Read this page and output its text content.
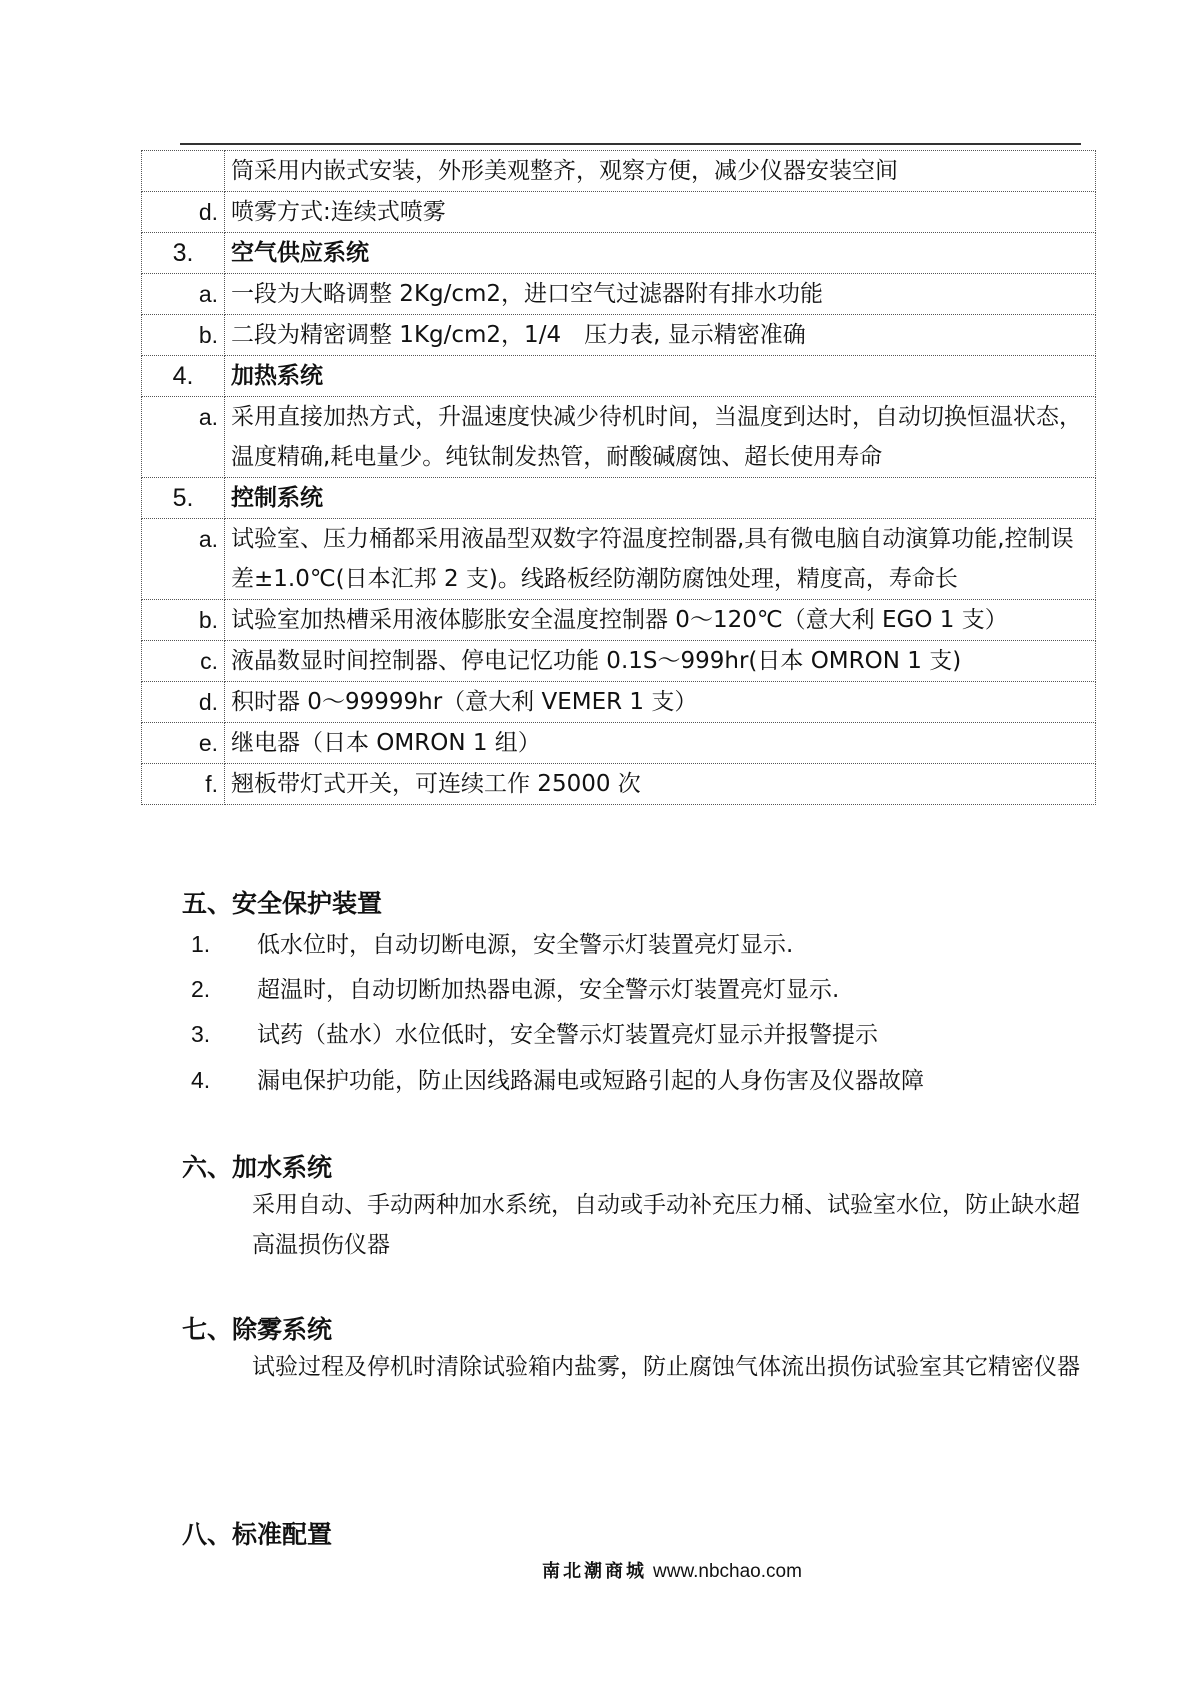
	筒采用内嵌式安装，外形美观整齐，观察方便，减少仪器安装空间
d.	喷雾方式:连续式喷雾
3.	空气供应系统
a.	一段为大略调整 2Kg/cm2，进口空气过滤器附有排水功能
b.	二段为精密调整 1Kg/cm2，1/4　压力表, 显示精密准确
4.	加热系统
a.	采用直接加热方式，升温速度快减少待机时间，当温度到达时，自动切换恒温状态，温度精确,耗电量少。纯钛制发热管，耐酸碱腐蚀、超长使用寿命
5.	控制系统
a.	试验室、压力桶都采用液晶型双数字符温度控制器,具有微电脑自动演算功能,控制误差±1.0℃(日本汇邦 2 支)。线路板经防潮防腐蚀处理，精度高，寿命长
b.	试验室加热槽采用液体膨胀安全温度控制器 0～120℃（意大利 EGO 1 支）
c.	液晶数显时间控制器、停电记忆功能 0.1S～999hr(日本 OMRON 1 支)
d.	积时器 0～99999hr（意大利 VEMER 1 支）
e.	继电器（日本 OMRON 1 组）
f.	翘板带灯式开关，可连续工作 25000 次
五、安全保护装置
1. 低水位时，自动切断电源，安全警示灯装置亮灯显示.
2. 超温时，自动切断加热器电源，安全警示灯装置亮灯显示.
3. 试药（盐水）水位低时，安全警示灯装置亮灯显示并报警提示
4. 漏电保护功能，防止因线路漏电或短路引起的人身伤害及仪器故障
六、加水系统

采用自动、手动两种加水系统，自动或手动补充压力桶、试验室水位，防止缺水超高温损伤仪器

七、除雾系统

试验过程及停机时清除试验箱内盐雾，防止腐蚀气体流出损伤试验室其它精密仪器

八、标准配置
南北潮商城 www.nbchao.com
